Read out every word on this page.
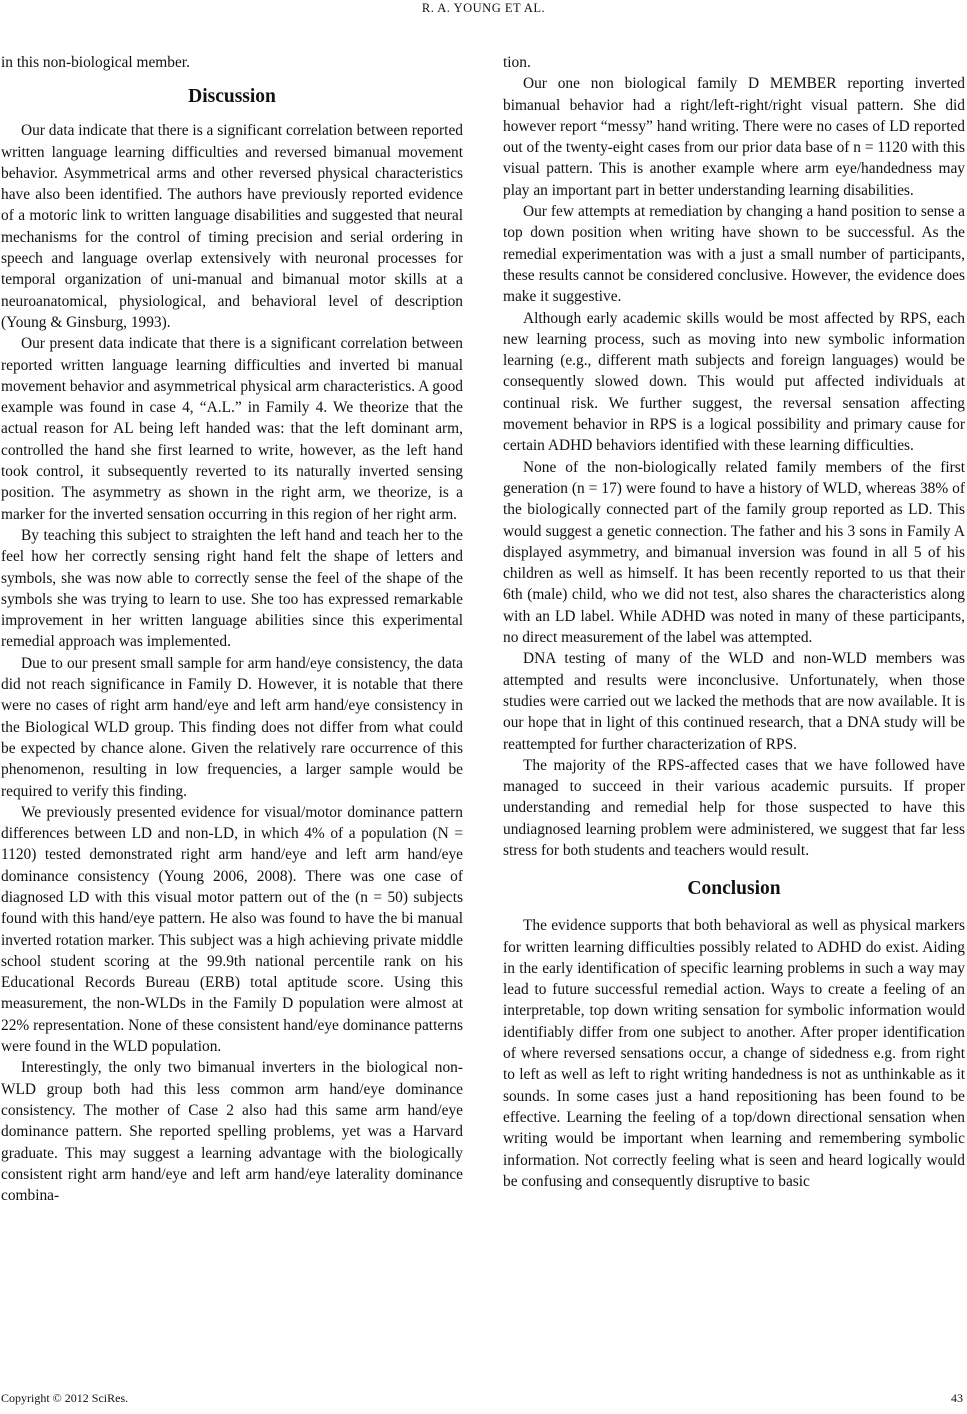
R. A. YOUNG ET AL.

in this non-biological member.

Discussion

Our data indicate that there is a significant correlation between reported written language learning difficulties and reversed bimanual movement behavior. Asymmetrical arms and other reversed physical characteristics have also been identified. The authors have previously reported evidence of a motoric link to written language disabilities and suggested that neural mechanisms for the control of timing precision and serial ordering in speech and language overlap extensively with neuronal processes for temporal organization of uni-manual and bimanual motor skills at a neuroanatomical, physiological, and behavioral level of description (Young & Ginsburg, 1993).

Our present data indicate that there is a significant correlation between reported written language learning difficulties and inverted bi manual movement behavior and asymmetrical physical arm characteristics. A good example was found in case 4, “A.L.” in Family 4. We theorize that the actual reason for AL being left handed was: that the left dominant arm, controlled the hand she first learned to write, however, as the left hand took control, it subsequently reverted to its naturally inverted sensing position. The asymmetry as shown in the right arm, we theorize, is a marker for the inverted sensation occurring in this region of her right arm.

By teaching this subject to straighten the left hand and teach her to the feel how her correctly sensing right hand felt the shape of letters and symbols, she was now able to correctly sense the feel of the shape of the symbols she was trying to learn to use. She too has expressed remarkable improvement in her written language abilities since this experimental remedial approach was implemented.

Due to our present small sample for arm hand/eye consistency, the data did not reach significance in Family D. However, it is notable that there were no cases of right arm hand/eye and left arm hand/eye consistency in the Biological WLD group. This finding does not differ from what could be expected by chance alone. Given the relatively rare occurrence of this phenomenon, resulting in low frequencies, a larger sample would be required to verify this finding.

We previously presented evidence for visual/motor dominance pattern differences between LD and non-LD, in which 4% of a population (N = 1120) tested demonstrated right arm hand/eye and left arm hand/eye dominance consistency (Young 2006, 2008). There was one case of diagnosed LD with this visual motor pattern out of the (n = 50) subjects found with this hand/eye pattern. He also was found to have the bi manual inverted rotation marker. This subject was a high achieving private middle school student scoring at the 99.9th national percentile rank on his Educational Records Bureau (ERB) total aptitude score. Using this measurement, the non-WLDs in the Family D population were almost at 22% representation. None of these consistent hand/eye dominance patterns were found in the WLD population.

Interestingly, the only two bimanual inverters in the biological non-WLD group both had this less common arm hand/eye dominance consistency. The mother of Case 2 also had this same arm hand/eye dominance pattern. She reported spelling problems, yet was a Harvard graduate. This may suggest a learning advantage with the biologically consistent right arm hand/eye and left arm hand/eye laterality dominance combina-

tion.

Our one non biological family D MEMBER reporting inverted bimanual behavior had a right/left-right/right visual pattern. She did however report “messy” hand writing. There were no cases of LD reported out of the twenty-eight cases from our prior data base of n = 1120 with this visual pattern. This is another example where arm eye/handedness may play an important part in better understanding learning disabilities.

Our few attempts at remediation by changing a hand position to sense a top down position when writing have shown to be successful. As the remedial experimentation was with a just a small number of participants, these results cannot be considered conclusive. However, the evidence does make it suggestive.

Although early academic skills would be most affected by RPS, each new learning process, such as moving into new symbolic information learning (e.g., different math subjects and foreign languages) would be consequently slowed down. This would put affected individuals at continual risk. We further suggest, the reversal sensation affecting movement behavior in RPS is a logical possibility and primary cause for certain ADHD behaviors identified with these learning difficulties.

None of the non-biologically related family members of the first generation (n = 17) were found to have a history of WLD, whereas 38% of the biologically connected part of the family group reported as LD. This would suggest a genetic connection. The father and his 3 sons in Family A displayed asymmetry, and bimanual inversion was found in all 5 of his children as well as himself. It has been recently reported to us that their 6th (male) child, who we did not test, also shares the characteristics along with an LD label. While ADHD was noted in many of these participants, no direct measurement of the label was attempted.

DNA testing of many of the WLD and non-WLD members was attempted and results were inconclusive. Unfortunately, when those studies were carried out we lacked the methods that are now available. It is our hope that in light of this continued research, that a DNA study will be reattempted for further characterization of RPS.

The majority of the RPS-affected cases that we have followed have managed to succeed in their various academic pursuits. If proper understanding and remedial help for those suspected to have this undiagnosed learning problem were administered, we suggest that far less stress for both students and teachers would result.

Conclusion

The evidence supports that both behavioral as well as physical markers for written learning difficulties possibly related to ADHD do exist. Aiding in the early identification of specific learning problems in such a way may lead to future successful remedial action. Ways to create a feeling of an interpretable, top down writing sensation for symbolic information would identifiably differ from one subject to another. After proper identification of where reversed sensations occur, a change of sidedness e.g. from right to left as well as left to right writing handedness is not as unthinkable as it sounds. In some cases just a hand repositioning has been found to be effective. Learning the feeling of a top/down directional sensation when writing would be important when learning and remembering symbolic information. Not correctly feeling what is seen and heard logically would be confusing and consequently disruptive to basic

Copyright © 2012 SciRes.	43
